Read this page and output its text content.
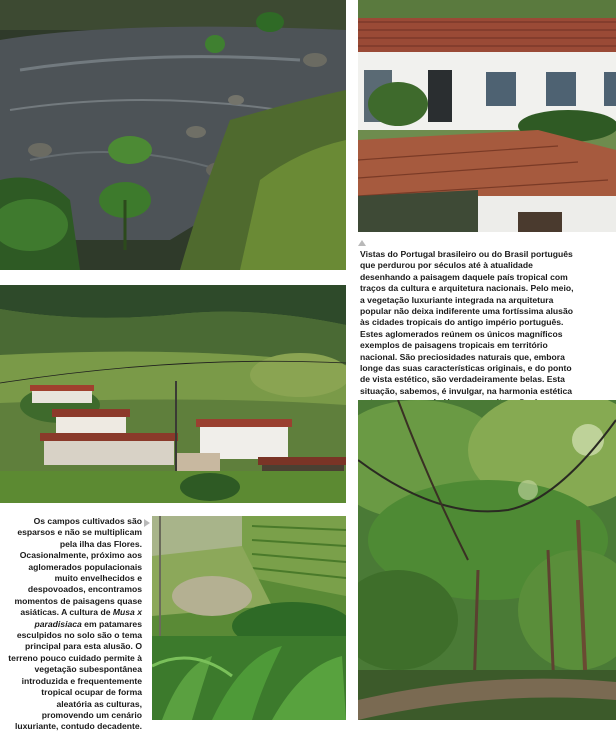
Vistas do Portugal brasileiro ou do Brasil português que perdurou por séculos até à atualidade desenhando a paisagem daquele país tropical com traços da cultura e arquitetura nacionais. Pelo meio, a vegetação luxuriante integrada na arquitetura popular não deixa indiferente uma fortíssima alusão às cidades tropicais do antigo império português. Estes aglomerados reúnem os únicos magníficos exemplos de paisagens tropicais em território nacional. São preciosidades naturais que, embora longe das suas características originais, e do ponto de vista estético, são verdadeiramente belas. Esta situação, sabemos, é invulgar, na harmonia estética
Os campos cultivados são esparsos e não se multiplicam pela ilha das Flores. Ocasionalmente, próximo aos aglomerados populacionais muito envelhecidos e despovoados, encontramos momentos de paisagens quase asiáticas. A cultura de Musa x paradisiaca em patamares esculpidos no solo são o tema principal para esta alusão. O terreno pouco cuidado permite à vegetação subespontânea introduzida e frequentemente tropical ocupar de forma aleatória as culturas, promovendo um cenário luxuriante, contudo decadente.
